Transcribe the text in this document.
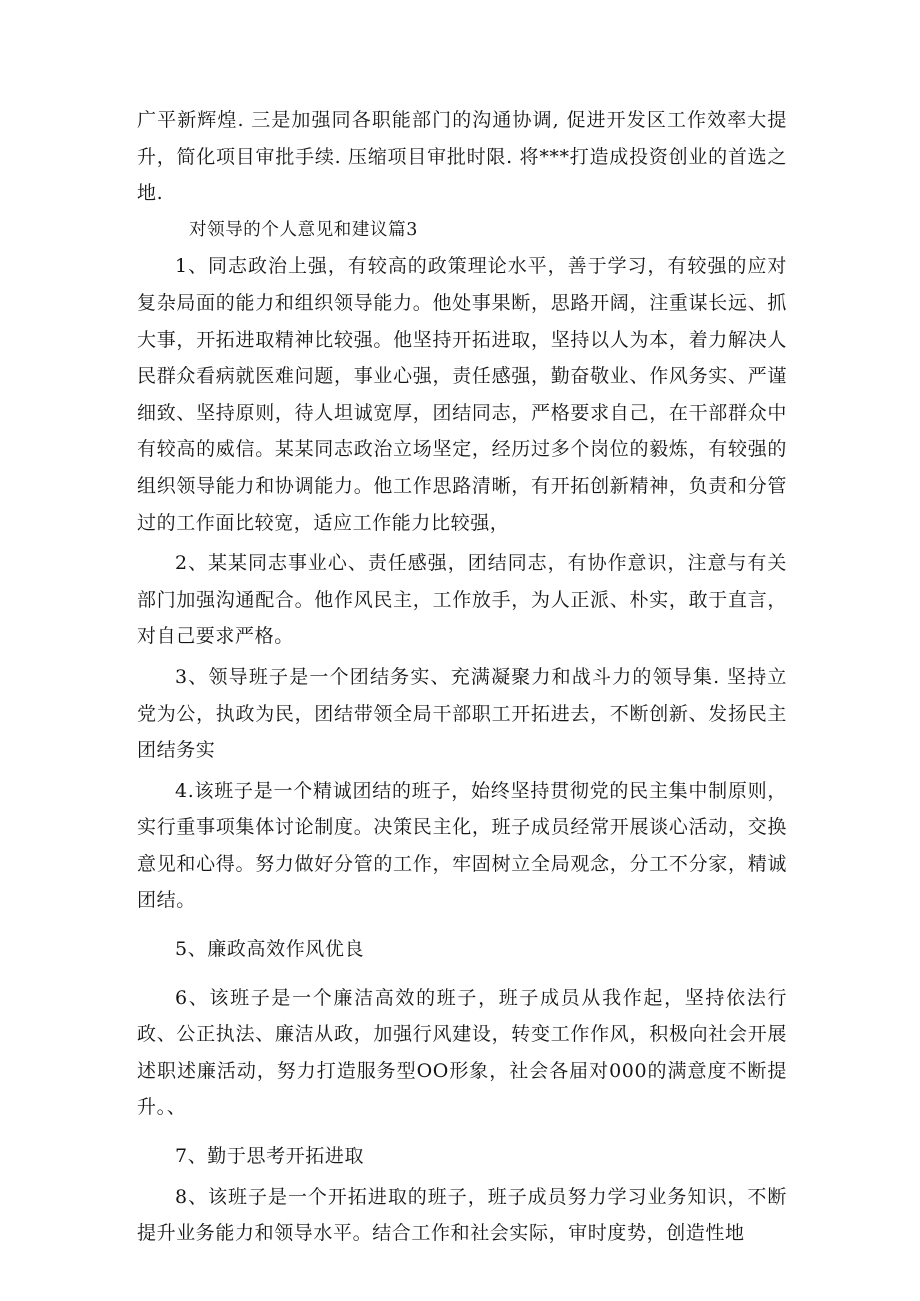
广平新辉煌. 三是加强同各职能部门的沟通协调, 促进开发区工作效率大提升，简化项目审批手续. 压缩项目审批时限. 将***打造成投资创业的首选之地.

对领导的个人意见和建议篇3

1、同志政治上强，有较高的政策理论水平，善于学习，有较强的应对复杂局面的能力和组织领导能力。他处事果断，思路开阔，注重谋长远、抓大事，开拓进取精神比较强。他坚持开拓进取，坚持以人为本，着力解决人民群众看病就医难问题，事业心强，责任感强，勤奋敬业、作风务实、严谨细致、坚持原则，待人坦诚宽厚，团结同志，严格要求自己，在干部群众中有较高的威信。某某同志政治立场坚定，经历过多个岗位的毅炼，有较强的组织领导能力和协调能力。他工作思路清晰，有开拓创新精神，负责和分管过的工作面比较宽，适应工作能力比较强，

2、某某同志事业心、责任感强，团结同志，有协作意识，注意与有关部门加强沟通配合。他作风民主，工作放手，为人正派、朴实，敢于直言，对自己要求严格。

3、领导班子是一个团结务实、充满凝聚力和战斗力的领导集. 坚持立党为公，执政为民，团结带领全局干部职工开拓进去，不断创新、发扬民主团结务实

4.该班子是一个精诚团结的班子，始终坚持贯彻党的民主集中制原则，实行重事项集体讨论制度。决策民主化，班子成员经常开展谈心活动，交换意见和心得。努力做好分管的工作，牢固树立全局观念，分工不分家，精诚团结。

5、廉政高效作风优良

6、该班子是一个廉洁高效的班子，班子成员从我作起，坚持依法行政、公正执法、廉洁从政，加强行风建设，转变工作作风，积极向社会开展述职述廉活动，努力打造服务型OO形象，社会各届对000的满意度不断提升。、

7、勤于思考开拓进取

8、该班子是一个开拓进取的班子，班子成员努力学习业务知识，不断提升业务能力和领导水平。结合工作和社会实际，审时度势，创造性地
